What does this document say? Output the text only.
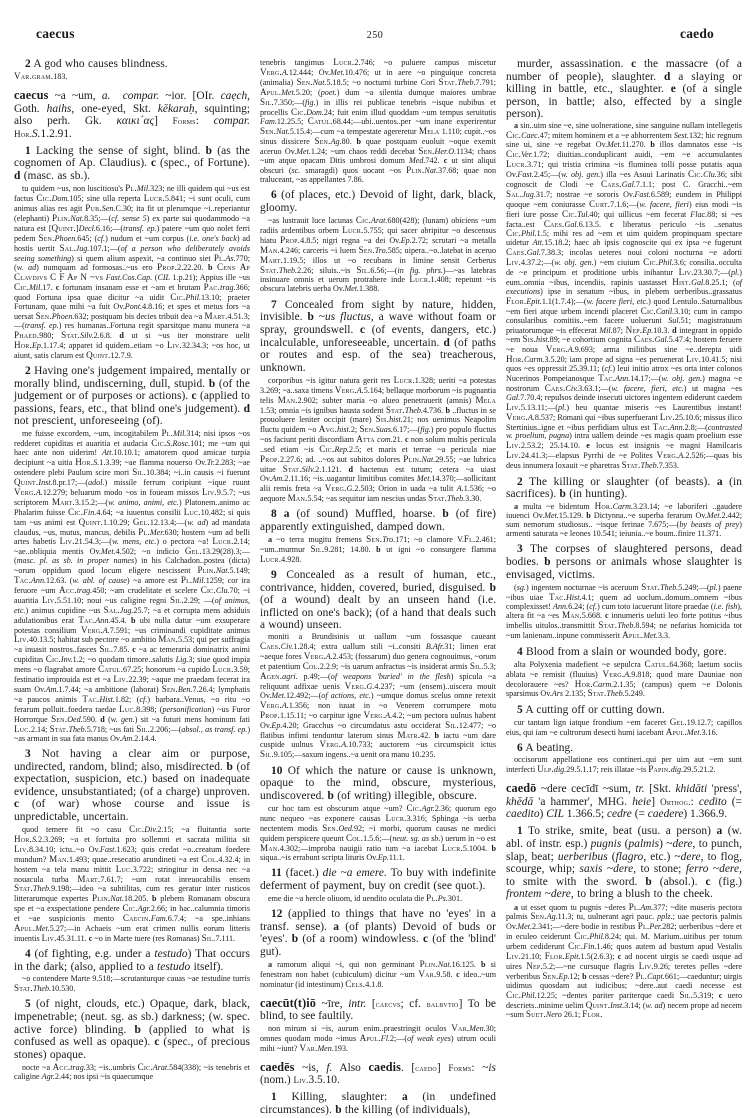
caecus	250	caedo
2 A god who causes blindness.
Var.gram.183.
caecus ~a ~um, a. compar. ~ior. [OIr. caẹch, Goth. haihs, one-eyed, Skt. kēkaraḥ, squinting; also perh. Gk. καικι´ας] Forms: compar. Hor.S.1.2.91.
1 Lacking the sense of sight, blind. b (as the cognomen of Ap. Claudius). c (spec., of Fortune). d (masc. as sb.).
tu quidem ~us, non luscitiosu's Pl.Mil.323; ne illi quidem qui ~us est factus Cic.Dom.105; sine ulla reperta Lucr.5.841; ~i sunt oculi, cum animus alias res agit Pub.Sen.C.30; ita fit ut plerumque ~i..reperiantur (elephanti) Plin.Nat.8.35;—(cf. sense 5) ex parte sui quodammodo ~a natura est [Quint.]Decl.6.16;—(transf. ep.) patere ~um quo nolet ferri pedem Sen.Phoen.645; (cf.) nudum et ~um corpus (i.e. one's back) ad hostis uertit Sal.Jug.107.1;—(of a person who deliberately avoids seeing something) si quem alium aspexit, ~a continuo siet Pl.As.770; (w. ad) numquam ad formosas..~us ero Prop.2.22.20. b Cens Ap Clavdivs C F Ap N ~vs Fast.Cos.Cap. (CIL 1.p.21); Appius ille ~us Cic.Mil.17. c fortunam insanam esse et ~am et brutam Pac.trag.366; quod Fortuna ipsa quae dicitur ~a uidit Cic.Phil.13.10; praeter Fortunam, quae mihi ~a fuit Ov.Pont.4.8.16; et spes et metus fors ~a uersat Sen.Phoen.632; postquam bis decies tribuit dea ~a Mart.4.51.3;—(transf. ep.) res humanas..Fortuna regit sparsitque manu munera ~a Phaed.980; Stat.Silv.2.6.8. d ut si ~us iter monstrare uelit Hor.Ep.1.17.4; apparet id quidem..etiam ~o Liv.32.34.3; ~os hoc, ut aiunt, satis clarum est Quint.12.7.9.
2 Having one's judgement impaired, mentally or morally blind, undiscerning, dull, stupid. b (of the judgement or of purposes or actions). c (applied to passions, fears, etc., that blind one's judgement). d not prescient, unforeseeing (of).
me fuisse excordem, ~um, incogitabilem Pl.Mil.314; nisi ipsos ~os redderet cupiditas et auaritia et audacia Cic.S.Rosc.101; me ~um qui haec ante non uiderim! Att.10.10.1; amatorem quod amicae turpia decipiunt ~a uitia Hor.S.1.3.39; ~ae flamma nouerso Ov.Tr.2.283; ~ae ostendere plebi Paulum scire mori Sil.10.384; ~i..in causis ~i fuerunt Quint.Inst.8.pr.17;—(adol.) missile ferrum coripiunt ~ique ruunt Verg.A.12.279; beluarum modo ~os in foueam missos Liv.9.5.7; ~us scriptorem Mart.3.15.2;—(w. animo, animi, etc.) Platonem..animo ac Phalarim fuisse Cic.Fin.4.64; ~a iuuentus consilii Luc.10.482; si quis tam ~us animi est Quint.1.10.29; Gel.12.13.4;—(w. ad) ad mandata claudus, ~us, mutus, mancus, debilis Pl.Mer.630; hostem ~um ad belli artes habetis Liv.21.54.3;—(w. mens, etc.) o pectora ~a! Lucr.2.14; ~ae..obliquia mentis Ov.Met.4.502; ~o indicio Gel.13.29(28).3;—(masc. pl. as sb. in proper names) in his Calchadon..postea (dicta) ~orum oppidum quod locum eligere nescissent Plin.Nat.5.149; Tac.Ann.12.63. (w. abl. of cause) ~a amore est Pl.Mil.1259; cor ira feruore ~um Acc.trag.450; ~am crudelitate et scelere Cic.Clu.70; ~i auaritia Liv.5.51.10; noui ~us caligine regni Sil.2.29; —(of animus, etc.) animus cupidine ~us Sal.Jug.25.7; ~a et corrupta mens adsiduis adulationibus erat Tac.Ann.45.4. b ubi nulla datur ~um exsuperare potestas consilium Verg.A.7.591; ~us criminandi cupiditate animus Liv.40.13.5; habitat sub pectore ~o ambitio Man.5.53; qui per suffragia ~a inuasit nostros..fasces Sil.7.85. c ~a ac temeraria dominatrix animi cupiditas Cic.Inv.1.2; ~o quodam timore..salutis Lig.3; siue quod impia mens ~o flagrabat amore Catul.67.25; honorum ~a cupido Lucr.3.59; festinatio improuida est et ~a Liv.22.39; ~aque me praedam fecerat ira suam Ov.Am.1.7.44; ~a ambitione (laborat) Sen.Ben.7.26.4; lymphatis ~a paucos animis Tac.Hist.1.82; (cf.) barbara..Venus, ~o ritu ~o ferarum polluit..foedera taedae Luc.8.398; (personification) ~us Furor Horrorque Sen.Oed.590. d (w. gen.) sit ~a futuri mens hominum fati Luc.2.14; Stat.Theb.5.718; ~us fati Sil.2.206;—(absol., as transf. ep.) ~as armant in sua fata manus Ov.Am.2.14.4.
3 Not having a clear aim or purpose, undirected, random, blind; also, misdirected. b (of expectation, suspicion, etc.) based on inadequate evidence, unsubstantiated; (of a charge) unproven. c (of war) whose course and issue is unpredictable, uncertain.
quod temere fit ~o casu Cic.Div.2.15; ~a fluitantia sorte Hor.S.2.3.269; ~a et fortuita pro sollemni et sacrata militia sit Liv.8.34.10; ictu..~o Ov.Fast.1.623; quis credat ~o..creatum foedere mundum? Man.1.493; quae..resecatio arundineti ~a est Col.4.32.4; in hostem ~a tela manu mittit Luc.3.722; stringitur in densa nec ~a nouacula turba Mart.7.61.7; ~um rotat inreuocabilis ensem Stat.Theb.9.198;—ideo ~a subtilitas, cum res geratur inter rusticos litterarumque expertes Plin.Nat.18.205. b plebem Romanam obscura spe et ~a exspectatione pendere Cic.Agr.2.66; in hac..calumnia timoris et ~ae suspicionis mento Caecin.Fam.6.7.4; ~a spe..inhians Apul.Met.5.27;—in Achaeis ~um erat crimen nullis eorum litteris inuentis Liv.45.31.11. c ~o in Marte tuere (res Romanas) Sil.7.111.
4 (of fighting, e.g. under a testudo) That occurs in the dark; (also, applied to a testudo itself).
~o contendere Marte 9.518;—scrutanturque cauas ~ae testudine turris Stat.Theb.10.530.
5 (of night, clouds, etc.) Opaque, dark, black, impenetrable; (neut. sg. as sb.) darkness; (w. spec. active force) blinding. b (applied to what is confused as well as opaque). c (spec., of precious stones) opaque.
nocte ~a Acc.trag.33; ~is..umbris Cic.Arat.584(338); ~is tenebris et caligine Agr.2.44; nos ipsi ~is quaecumque
tenebris tangimus Lucr.2.746; ~o puluere campus miscetur Verg.A.12.444; Ov.Met.10.476; ut in aere ~o pinguique concreta (animalia) Sen.Nat.5.18.5; ~o nocturni turbine Cori Stat.Theb.7.791; Apul.Met.5.20; (poet.) dum ~a silentia dumque maiores umbrae Sil.7.350;—(fig.) in illis rei publicae tenebris ~isque nubibus et procellis Cic.Dom.24; fuit enim illud quoddam ~um tempus seruitutis Fam.12.25.5; Catul.68.44;—ubi..uentos..per ~um inane experirentur Sen.Nat.5.15.4;—cum ~a tempestate agereretur Mela 1.110; cupit..~os sinus dissicere Sen.Ag.80. b quae postquam euoluit ~oque exemit aceruo Ov.Met.1.24; ~um chaos reddi decebat Sen.Her.O.1134; chaos ~um atque opacam Ditis umbrosi domum Med.742. c ut sint aliqui obscuri (sc. smaragdi) quos uocant ~os Plin.Nat.37.68; quae non traluceant, ~as appellantes 7.86.
6 (of places, etc.) Devoid of light, dark, black, gloomy.
~as lustrauit luce lacunas Cic.Arat.680(428); (lunam) obiciens ~um radiis ardentibus orbem Lucr.5.755; qui sacer abripitur ~o descensus hiatu Prop.4.8.5; nigri regna ~a dei Ov.Ep.2.72; scrutari ~a metalla Man.4.246; carceris ~i luem Sen.Tro.585; uipera..~o..latebat in aceruo Mart.1.19.5; illos ut ~o recubans in limine sensit Cerberus Stat.Theb.2.26; siluis..~is Sil.6.56;—(in fig. phrs.)—~as latebras insinuare omnis et uerum protrahere inde Lucr.1.408; repetunt ~is obscura latebris uerba Ov.Met.1.388.
7 Concealed from sight by nature, hidden, invisible. b ~us fluctus, a wave without foam or spray, groundswell. c (of events, dangers, etc.) incalculable, unforeseeable, uncertain. d (of paths or routes and esp. of the sea) treacherous, unknown.
corporibus ~is igitur natura gerit res Lucr.1.328; ueriti ~a potestas 3.269; ~a..saxa timens Verg.A.5.164; bellaque morborum ~is pugnantia telis Man.2.902; subter maria ~o alueo penetrauerit (amnis) Mela 1.53; omnia ~is ignibus hausta sodent Stat.Theb.4.736. b ..fluctus in se prouoluere leniter occipit (mare) Sis.hist.21; nos uenimus Neapolim fluctu quidem ~o Avg.hist.2; Sen.Suas.6.17;—(fig.) pro populo fluctus ~os faciunt periti discordiam Atta com.21. c non solum multis pericula ..sed etiam ~is Cic.Rep.2.5; et maris et terrae ~a pericula niae Prop.2.27.6; ad. ..~os aut subitos dolores Plin.Nat.29.55; ~ae lubrica uitae Stat.Silv.2.1.121. d hactenus est tutum; cetera ~a uiast Ov.Am.2.11.16; ~is..uagantur limitibus comites Met.14.370;—sollicitant alii remis freta ~a Verg.G.2.503; Orion in uada ~a tulit A.1.536; ~o aequore Man.5.54; ~as sequitur iam nescius undas Stat.Theb.3.30.
8 a (of sound) Muffled, hoarse. b (of fire) apparently extinguished, damped down.
a ~o terra mugitu fremens Sen.Tro.171; ~o clamore V.Fl.2.461; ~um..murmur Sil.9.281; 14.80. b ut igni ~o consurgere flamma Lucr.4.928.
9 Concealed as a result of human, etc., contrivance, hidden, covered, buried, disguised. b (of a wound) dealt by an unseen hand (i.e. inflicted on one's back); (of a hand that deals such a wound) unseen.
moniti a Brundisinis ut uallum ~um fossasque caueant Caes.Civ.1.28.4; extra uallum stili ~i..consiti B.Afr.31; limen erat ~aeque fores Verg.A.2.453; (fossarum) duo genera cognouimus, ~orum et patentium Col.2.2.9; ~is uarum anfractus ~is insiderat armis Sil.5.3; Agen.agri. p.49;—(of weapons 'buried' in the flesh) spicula ~a reliquunt adfixae uenis Verg.G.4.237; ~um (ensem)..uiscera mouit Ov.Met.12.492;—(of actions, etc.) ~umque domus scelus omne retexit Verg.A.1.356; non iuuat in ~o Venerem corrumpere motu Prop.1.15.11; ~o carpitur igne Verg.A.4.2; ~um pectora uulnus habent Ov.Ep.4.20; Gracchus ~o circumdatus astu occiderat Sil.12.477; ~o flatibus infimi tenduntur laterum sinus Matr.42. b iactu ~um dare cuspide uulnus Verg.A.10.733; auctorem ~us circumspicit ictus Sil.9.105;—saxum ingens..~a uenit ora manu 10.235.
10 Of which the nature or cause is unknown, opaque to the mind, obscure, mysterious, undiscovered. b (of writing) illegible, obscure.
cur hoc tam est obscurum atque ~um? Cic.Agr.2.36; quorum ego nunc nequeo ~as exponere causas Lucr.3.316; Sphinga ~is uerba nectentem modis Sen.Oed.92; ~i morbi, quorum causas ne medici quidem perspicere queunt Col.1.5.6;—(neut. sg. as sb.) uerum in ~o est Man.4.302;—improba nauigii ratio tum ~a iacebat Lucr.5.1004. b siqua..~is errabunt scripta lituris Ov.Ep.11.1.
11 (facet.) die ~a emere. To buy with indefinite deferment of payment, buy on credit (see quot.).
eme die ~a hercle oliuom, id uendito oculata die Pl.Ps.301.
12 (applied to things that have no 'eyes' in a transf. sense). a (of plants) Devoid of buds or 'eyes'. b (of a room) windowless. c (of the 'blind' gut).
a ramorum aliqui ~i, qui non germinant Plin.Nat.16.125. b si fenestram non habet (cubiculum) dicitur ~um Var.9.58. c ideo..~um nominatur (id intestinum) Cels.4.1.8.
caecūt(t)iō ~īre, intr. [caecvs; cf. balbvtio] To be blind, to see faultily.
non mirum si ~is, aurum enim..praestringit oculos Var.Men.30; omnes quodam modo ~imus Apul.Fl.2;—(of weak eyes) utrum oculi mihi ~iunt? Var.Men.193.
caedēs ~is, f. Also caedis. [caedo] Forms: ~is (nom.) Liv.3.5.10.
1 Killing, slaughter: a (in undefined circumstances). b the killing (of individuals),
murder, assassination. c the massacre (of a number of people), slaughter. d a slaying or killing in battle, etc., slaughter. e (of a single person, in battle; also, effected by a single person).
a sin..uim sine ~e, sine uolneratione, sine sanguine nullam intellegetis Cic.Caec.47; mitem hominem et a ~e abhorrentem Sest.132; hic regnum sine ui, sine ~e regebat Ov.Met.11.270. b illos damnatos esse ~is Cic.Ver.1.72; diuitias..conduplicant auidi, ~em ~e accumulantes Lucr.3.71; qui tristia crimina ~is fluminea tolli posse putatis aqua Ov.Fast.2.45;—(w. obj. gen.) illa ~es Asuui Larinatis Cic.Clu.36; sibi cognoscit de Clodi ~e Caes.Gal.7.1.1; post C. Gracchi..~em Sal.Jug.31.7; nostrae ~e sororis Ov.Fast.6.589; eundem in Philippi quoque ~em coniurasse Curt.7.1.6;—(w. facere, fieri) eius modi ~is fieri iure posse Cic.Tul.40; qui uillicus ~em fecerat Flac.88; si ~es facta..est Caes.Gal.6.13.5. c liberatus periculo ~is ..senatus Cic.Phil.1.5; mihi res ad ~em et uim quidem propinquam spectare uidetur Att.15.18.2; haec ab ipsis cognoscite qui ex ipsa ~e fugerunt Caes.Gal.7.38.3; incolas ueteres noui coloni nocturna ~e adorti Liv.4.37.2;—(w. obj. gen.) ~em ciuium Cic.Phil.3.6; consilia..occulta de ~e principum et proditione urbis inibantur Liv.23.30.7;—(pl.) eum..omnia ~ibus, incendiis, rapinis uastasset Hist.Gal.8.25.1; (of executions) ipse in senatum ~ibus, in plebem uerberibus..grassatus Flor.Epit.1.1(1.7.4);—(w. facere fieri, etc.) quod Lentulo..Saturnalibus ~em fieri atque urbem incendi placeret Cic.Catil.3.10; cum in campo consularibus comitiis..~em facere uoluerunt Sul.51; magistratuum priuatorumque ~is effecerat Mil.87; Nep.Ep.10.3. d integrant in oppido ~em Sis.hist.89; ~e cohortium cognita Caes.Gal.5.47.4; hostem feruere ~e noua Verg.A.9.693; arma militibus sine ~e..derepta uidi Hor.Carm.3.5.20; iam prope ad signa ~es peruenerat Liv.10.41.5; nisi quos ~es oppressit 25.39.11; (cf.) leui initio atrox ~es orta inter colonos Nucerinos Pompeianosque Tac.Ann.14.17;—(w. obj. gen.) magna ~e nostrorum Caes.Civ.3.63.1;—(w. facere, fieri, etc.) ut magna ~es Gal.7.70.4; repulsos deinde insecuti uictores ingentem ediderunt caedem Liv.5.13.11;—(pl.) heu quantae miseris ~es Laurentibus instant! Verg.A.8.537; Romani qui ~ibus superfuerant Liv.25.10.6; missus ilico Stertinius..igne et ~ibus perfidiam ultus est Tac.Ann.2.8;—(contrasted w. proelium, pugna) intra uallem deinde ~es magis quam proelium esse Liv.2.53.2; 25.14.10. e locus est insignis ~e magni Hamilcaris Liv.24.41.3;—elapsus Pyrrhi de ~e Polites Verg.A.2.526;—quas bis deus innumera loxauit ~e pharetras Stat.Theb.7.353.
2 The killing or slaughter (of beasts). a (in sacrifices). b (in hunting).
a multa ~e bidentum Hor.Carm.3.23.14; ~e laboriferi ..gaudere iuuenci Ov.Met.15.129. b Dictynna..~e superba ferarum Ov.Met.2.442; sum nemorum studiosus.. ~isque ferinae 7.675;—(by beasts of prey) armenti saturata ~e leones 10.541; ieiunia..~e boum..finire 11.371.
3 The corpses of slaughtered persons, dead bodies. b persons or animals whose slaughter is envisaged, victims.
(sg.) ingentem nocturnae ~is aceruum Stat.Theb.5.249;—(pl.) paene ~ibus uiae Tac.Hist.4.1; quem ad uoclum..domum..omnem ~ibus complexisset! Ann.6.24; (cf.) cum toto iacuerunt litore praedae (i.e. fish), altera fit ~a ~es Man.5.668. c innumeris ueluti leo forte potitus ~ibus imbellis uitulos..transmittit Stat.Theb.8.594; ne nefarius homicida tot ~um lanienam..inpune commisserit Apul.Met.3.3.
4 Blood from a slain or wounded body, gore.
alta Polyxenia madefient ~e sepulcra Catul.64.368; laetum sociis ablata ~e remisit (fluuius) Verg.A.9.818; quod mare Dauniae non decolorauere ~es? Hor.Carm.2.1.35; (campus) quem ~e Dolonis sparsimus Ov.Ars 2.135; Stat.Theb.5.249.
5 A cutting off or cutting down.
cur tantam lign iatque frondium ~em faceret Gel.19.12.7; capillos eius, qui iam ~e cultrorum desecti humi iacebant Apul.Met.3.16.
6 A beating.
occisorum appellatione eos contineri..qui per uim aut ~em sunt interfecti Ulp.dig.29.5.1.17; reis illatae ~is Papin.dig.29.5.21.2.
caedō ~dere cecīdī ~sum, tr. [Skt. khidāti 'press', khēdā 'a hammer', MHG. heie] Orthog.: cedito (= caedito) CIL 1.366.5; cedre (= caedere) 1.366.9.
1 To strike, smite, beat (usu. a person) a (w. abl. of instr. esp.) pugnis (palmis) ~dere, to punch, slap, beat; uerberibus (flagro, etc.) ~dere, to flog, scourge, whip; saxis ~dere, to stone; ferro ~dere, to smite with the sword. b (absol.). c (fig.) frontem ~dere, to bring a blush to the cheek.
a ut esset quom tu pugnis ~deres Pl.Am.377; ~dite museris pectora palmis Sen.Ag.11.3; tu, uulnerant agri pauc. pplz.; uae pectoris palmis Ov.Met.2.341;—~dere bodie in restibus Pl.Per.282; uerberibus ~dere et in eculeo ceiderunt Cic.Phil.8.24; qui. M. Marium..uitibus per totum urbem cediderunt Cic.Fin.1.46; quos autem ad bustum apud Vestalis Liv.21.10; Flor.Epit.1.5(2.6.3); c ad nocent uirgis se caedi usque ad uires Nep.5.2;—~ne cursuque flagris Liv.9.26; teretes pelles ~dere verberibus Sen.Ep.12; b cessas ~dere? Pl.Capt.661;—caeduntur; uirgis uidimus quosdam aut iudicibus; ~dere..aut caedi necesse est Cic.Phil.12.25; ~dentes pariter pariterque caedi Sil.5.319; c uero descriets..minime uelim Quint.Inst.3.14; (w. ad) necem prope ad necem ~sum Suet.Nero 26.1; Flor.
